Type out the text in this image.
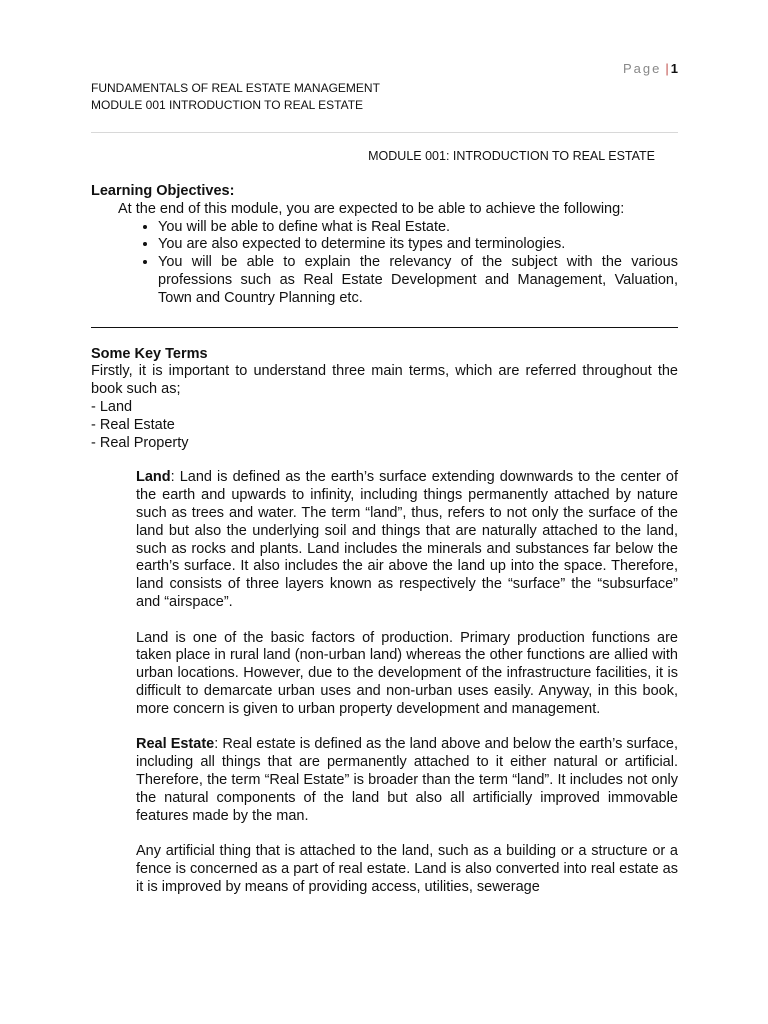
Page | 1
FUNDAMENTALS OF REAL ESTATE MANAGEMENT
MODULE 001 INTRODUCTION TO REAL ESTATE
MODULE 001: INTRODUCTION TO REAL ESTATE
Learning Objectives:

At the end of this module, you are expected to be able to achieve the following:

• You will be able to define what is Real Estate.
• You are also expected to determine its types and terminologies.
• You will be able to explain the relevancy of the subject with the various professions such as Real Estate Development and Management, Valuation, Town and Country Planning etc.
Some Key Terms

Firstly, it is important to understand three main terms, which are referred throughout the book such as;

- Land
- Real Estate
- Real Property

Land: Land is defined as the earth’s surface extending downwards to the center of the earth and upwards to infinity, including things permanently attached by nature such as trees and water. The term “land”, thus, refers to not only the surface of the land but also the underlying soil and things that are naturally attached to the land, such as rocks and plants. Land includes the minerals and substances far below the earth’s surface. It also includes the air above the land up into the space. Therefore, land consists of three layers known as respectively the “surface” the “subsurface” and “airspace”.

Land is one of the basic factors of production. Primary production functions are taken place in rural land (non-urban land) whereas the other functions are allied with urban locations. However, due to the development of the infrastructure facilities, it is difficult to demarcate urban uses and non-urban uses easily. Anyway, in this book, more concern is given to urban property development and management.

Real Estate: Real estate is defined as the land above and below the earth’s surface, including all things that are permanently attached to it either natural or artificial. Therefore, the term “Real Estate” is broader than the term “land”. It includes not only the natural components of the land but also all artificially improved immovable features made by the man.

Any artificial thing that is attached to the land, such as a building or a structure or a fence is concerned as a part of real estate. Land is also converted into real estate as it is improved by means of providing access, utilities, sewerage
